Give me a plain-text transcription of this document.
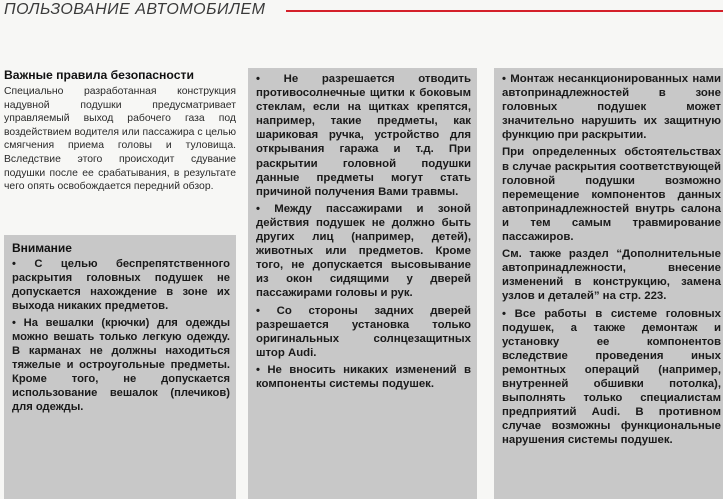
ПОЛЬЗОВАНИЕ АВТОМОБИЛЕМ
Важные правила безопасности

Специально разработанная конструкция надувной подушки предусматривает управляемый выход рабочего газа под воздействием водителя или пассажира с целью смягчения приема головы и туловища. Вследствие этого происходит сдувание подушки после ее срабатывания, в результате чего опять освобождается передний обзор.

Внимание

• С целью беспрепятственного раскрытия головных подушек не допускается нахождение в зоне их выхода никаких предметов.

• На вешалки (крючки) для одежды можно вешать только легкую одежду. В карманах не должны находиться тяжелые и остроугольные предметы. Кроме того, не допускается использование вешалок (плечиков) для одежды.

• Не разрешается отводить противосолнечные щитки к боковым стеклам, если на щитках крепятся, например, такие предметы, как шариковая ручка, устройство для открывания гаража и т.д. При раскрытии головной подушки данные предметы могут стать причиной получения Вами травмы.

• Между пассажирами и зоной действия подушек не должно быть других лиц (например, детей), животных или предметов. Кроме того, не допускается высовывание из окон сидящими у дверей пассажирами головы и рук.

• Со стороны задних дверей разрешается установка только оригинальных солнцезащитных штор Audi.

• Не вносить никаких изменений в компоненты системы подушек.

• Монтаж несанкционированных нами автопринадлежностей в зоне головных подушек может значительно нарушить их защитную функцию при раскрытии.

При определенных обстоятельствах в случае раскрытия соответствующей головной подушки возможно перемещение компонентов данных автопринадлежностей внутрь салона и тем самым травмирование пассажиров.

См. также раздел “Дополнительные автопринадлежности, внесение изменений в конструкцию, замена узлов и деталей” на стр. 223.

• Все работы в системе головных подушек, а также демонтаж и установку ее компонентов вследствие проведения иных ремонтных операций (например, внутренней обшивки потолка), выполнять только специалистам предприятий Audi. В противном случае возможны функциональные нарушения системы подушек.
